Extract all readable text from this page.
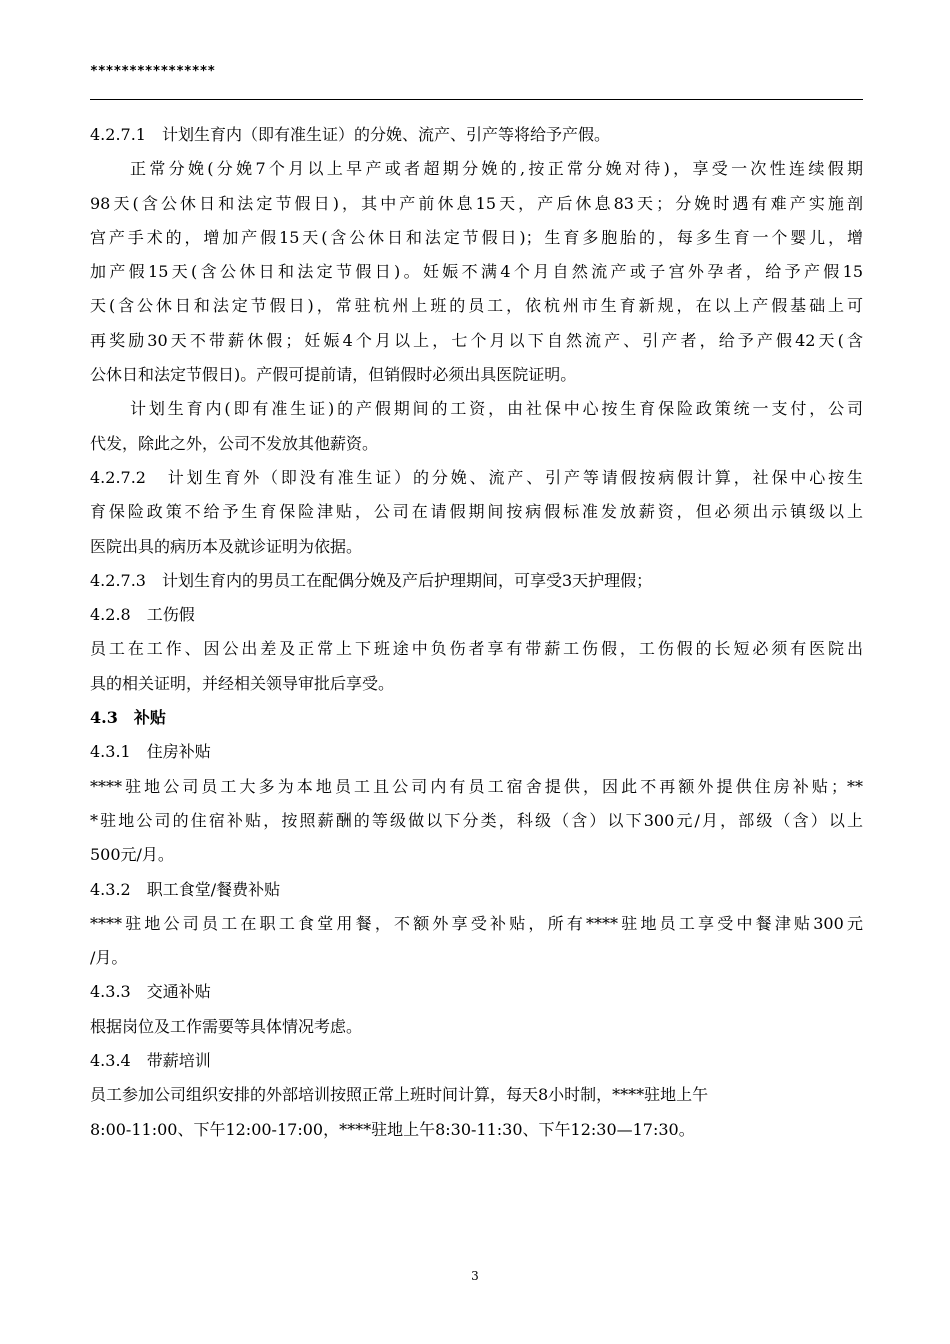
****************
4.2.7.1　计划生育内（即有准生证）的分娩、流产、引产等将给予产假。
正常分娩(分娩7个月以上早产或者超期分娩的,按正常分娩对待)，享受一次性连续假期
98天(含公休日和法定节假日)，其中产前休息15天，产后休息83天；分娩时遇有难产实施剖
宫产手术的，增加产假15天(含公休日和法定节假日)；生育多胞胎的，每多生育一个婴儿，增
加产假15天(含公休日和法定节假日)。妊娠不满4个月自然流产或子宫外孕者，给予产假15
天(含公休日和法定节假日)，常驻杭州上班的员工，依杭州市生育新规，在以上产假基础上可
再奖励30天不带薪休假；妊娠4个月以上，七个月以下自然流产、引产者，给予产假42天(含
公休日和法定节假日)。产假可提前请，但销假时必须出具医院证明。
计划生育内(即有准生证)的产假期间的工资，由社保中心按生育保险政策统一支付，公司
代发，除此之外，公司不发放其他薪资。
4.2.7.2　计划生育外（即没有准生证）的分娩、流产、引产等请假按病假计算，社保中心按生
育保险政策不给予生育保险津贴，公司在请假期间按病假标准发放薪资，但必须出示镇级以上
医院出具的病历本及就诊证明为依据。
4.2.7.3　计划生育内的男员工在配偶分娩及产后护理期间，可享受3天护理假；
4.2.8　工伤假
员工在工作、因公出差及正常上下班途中负伤者享有带薪工伤假，工伤假的长短必须有医院出
具的相关证明，并经相关领导审批后享受。
4.3　补贴
4.3.1　住房补贴
****驻地公司员工大多为本地员工且公司内有员工宿舍提供，因此不再额外提供住房补贴；**
*驻地公司的住宿补贴，按照薪酬的等级做以下分类，科级（含）以下300元/月，部级（含）以上
500元/月。
4.3.2　职工食堂/餐费补贴
****驻地公司员工在职工食堂用餐，不额外享受补贴，所有****驻地员工享受中餐津贴300元
/月。
4.3.3　交通补贴
根据岗位及工作需要等具体情况考虑。
4.3.4　带薪培训
员工参加公司组织安排的外部培训按照正常上班时间计算，每天8小时制，****驻地上午
8:00-11:00、下午12:00-17:00，****驻地上午8:30-11:30、下午12:30—17:30。
3
